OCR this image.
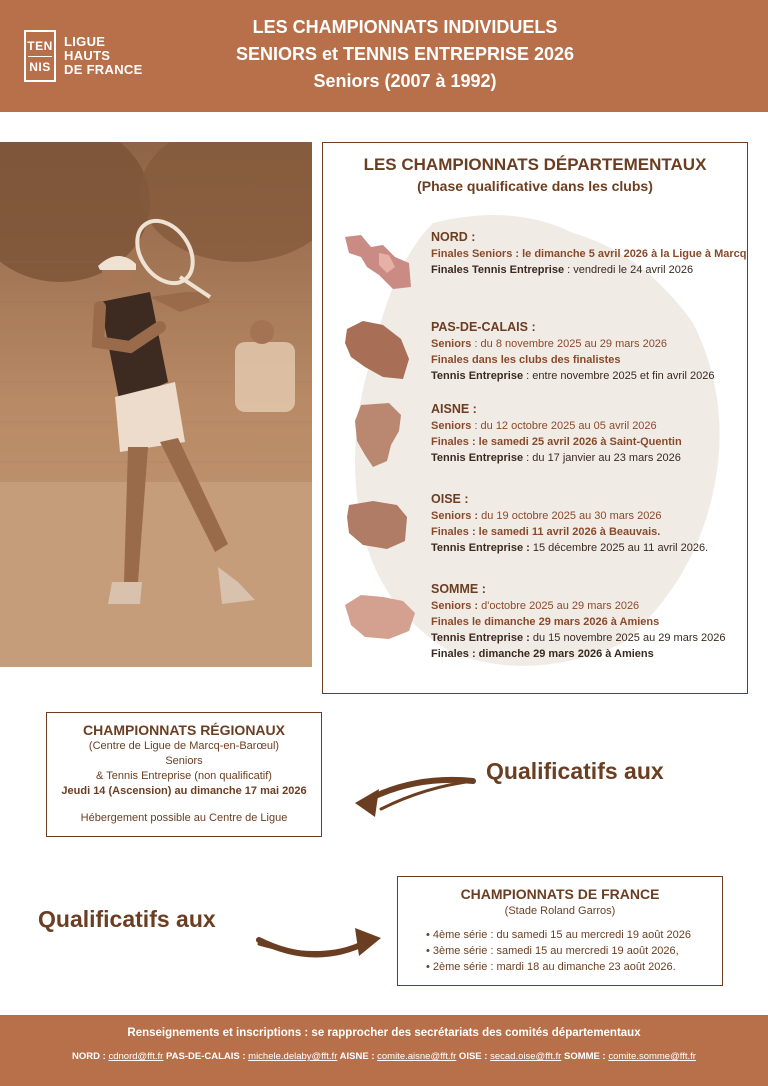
TEN
NIS
LIGUE
HAUTS
DE FRANCE
LES CHAMPIONNATS INDIVIDUELS
SENIORS et TENNIS ENTREPRISE 2026
Seniors (2007 à 1992)
LES CHAMPIONNATS DÉPARTEMENTAUX
(Phase qualificative dans les clubs)
NORD :
Finales Seniors : le dimanche 5 avril 2026 à la Ligue à Marcq
Finales Tennis Entreprise : vendredi le 24 avril 2026
PAS-DE-CALAIS :
Seniors : du 8 novembre 2025 au 29 mars 2026
Finales dans les clubs des finalistes
Tennis Entreprise : entre novembre 2025 et fin avril 2026
AISNE :
Seniors : du 12 octobre 2025 au 05 avril 2026
Finales : le samedi 25 avril 2026 à Saint-Quentin
Tennis Entreprise : du 17 janvier au 23 mars 2026
OISE :
Seniors : du 19 octobre 2025 au 30 mars 2026
Finales : le samedi 11 avril 2026 à Beauvais.
Tennis Entreprise : 15 décembre 2025 au 11 avril 2026.
SOMME :
Seniors : d'octobre 2025 au 29 mars 2026
Finales le dimanche 29 mars 2026 à Amiens
Tennis Entreprise : du 15 novembre 2025 au 29 mars 2026
Finales : dimanche 29 mars 2026 à Amiens
CHAMPIONNATS RÉGIONAUX
(Centre de Ligue de Marcq-en-Barœul)
Seniors
& Tennis Entreprise (non qualificatif)
Jeudi 14 (Ascension) au dimanche 17 mai 2026
Hébergement possible au Centre de Ligue
Qualificatifs aux
Qualificatifs aux
CHAMPIONNATS DE FRANCE
(Stade Roland Garros)
• 4ème série : du samedi 15 au mercredi 19 août 2026
• 3ème série : samedi 15 au mercredi 19 août 2026,
• 2ème série : mardi 18 au dimanche 23 août 2026.
Renseignements et inscriptions : se rapprocher des secrétariats des comités départementaux
NORD : cdnord@fft.fr PAS-DE-CALAIS : michele.delaby@fft.fr AISNE : comite.aisne@fft.fr OISE : secad.oise@fft.fr SOMME : comite.somme@fft.fr
